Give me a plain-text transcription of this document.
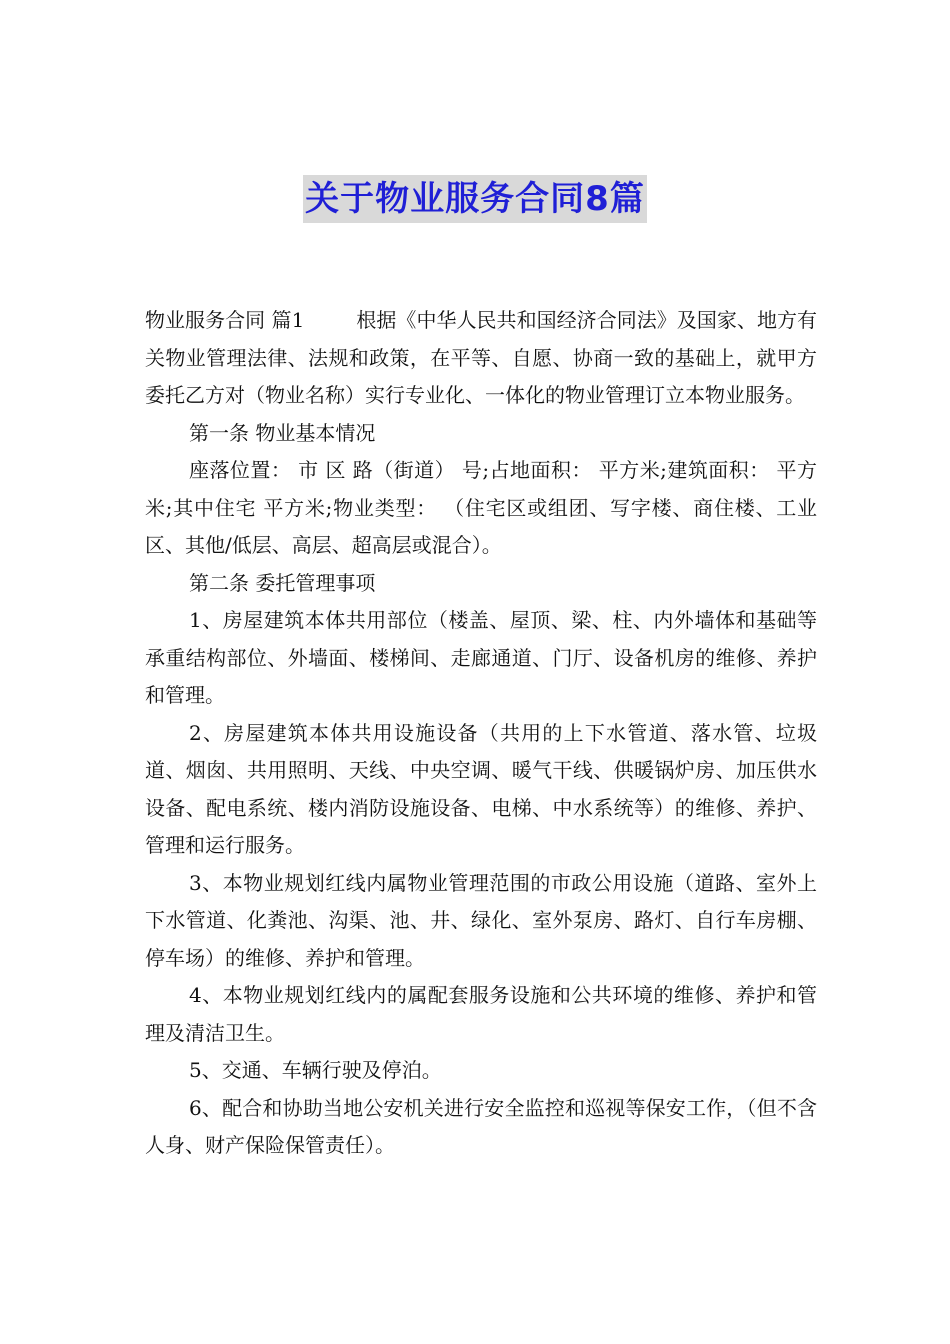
关于物业服务合同8篇

物业服务合同 篇1	根据《中华人民共和国经济合同法》及国家、地方有关物业管理法律、法规和政策，在平等、自愿、协商一致的基础上，就甲方委托乙方对（物业名称）实行专业化、一体化的物业管理订立本物业服务。

第一条 物业基本情况

座落位置： 市 区 路（街道） 号;占地面积： 平方米;建筑面积： 平方米;其中住宅 平方米;物业类型： （住宅区或组团、写字楼、商住楼、工业区、其他/低层、高层、超高层或混合）。

第二条 委托管理事项

1、房屋建筑本体共用部位（楼盖、屋顶、梁、柱、内外墙体和基础等承重结构部位、外墙面、楼梯间、走廊通道、门厅、设备机房的维修、养护和管理。

2、房屋建筑本体共用设施设备（共用的上下水管道、落水管、垃圾道、烟囱、共用照明、天线、中央空调、暖气干线、供暖锅炉房、加压供水设备、配电系统、楼内消防设施设备、电梯、中水系统等）的维修、养护、管理和运行服务。

3、本物业规划红线内属物业管理范围的市政公用设施（道路、室外上下水管道、化粪池、沟渠、池、井、绿化、室外泵房、路灯、自行车房棚、停车场）的维修、养护和管理。

4、本物业规划红线内的属配套服务设施和公共环境的维修、养护和管理及清洁卫生。

5、交通、车辆行驶及停泊。

6、配合和协助当地公安机关进行安全监控和巡视等保安工作，（但不含人身、财产保险保管责任）。
